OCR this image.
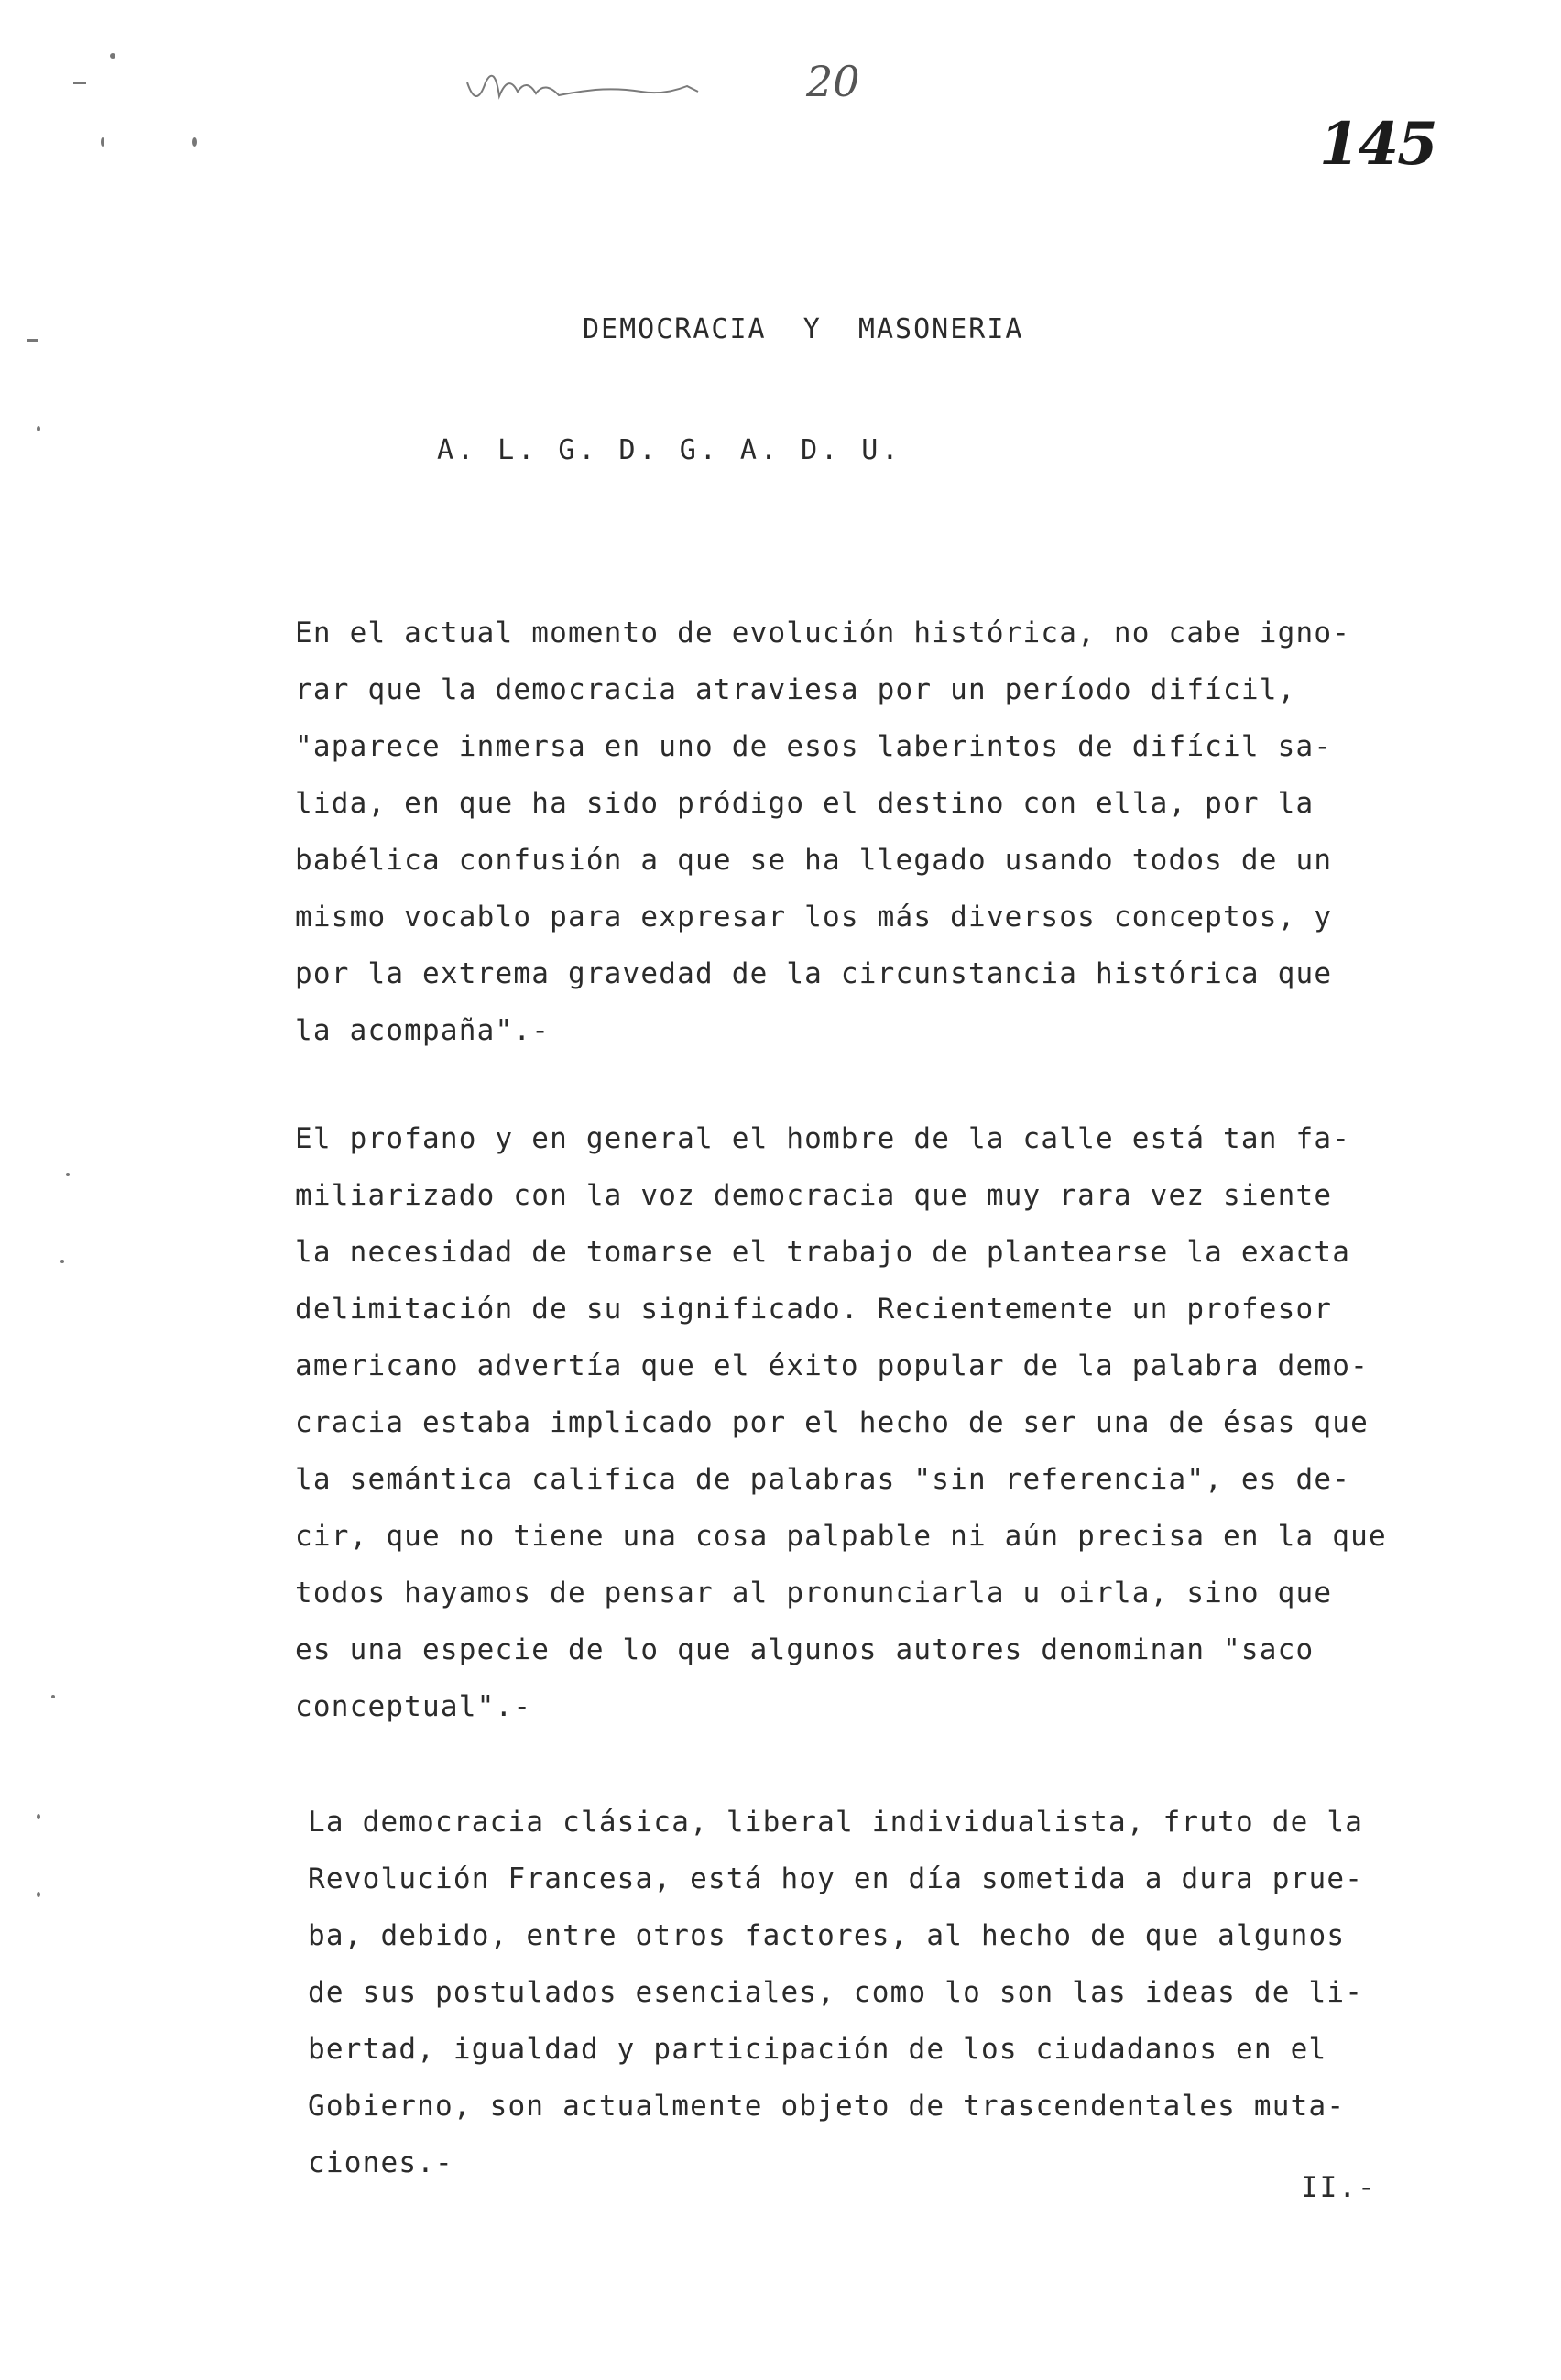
20
145
DEMOCRACIA  Y  MASONERIA
A. L. G. D. G. A. D. U.
En el actual momento de evolución histórica, no cabe igno-
rar que la democracia atraviesa por un período difícil,
"aparece inmersa en uno de esos laberintos de difícil sa-
lida, en que ha sido pródigo el destino con ella, por la
babélica confusión a que se ha llegado usando todos de un
mismo vocablo para expresar los más diversos conceptos, y
por la extrema gravedad de la circunstancia histórica que
la acompaña".-
El profano y en general el hombre de la calle está tan fa-
miliarizado con la voz democracia que muy rara vez siente
la necesidad de tomarse el trabajo de plantearse la exacta
delimitación de su significado. Recientemente un profesor
americano advertía que el éxito popular de la palabra demo-
cracia estaba implicado por el hecho de ser una de ésas que
la semántica califica de palabras "sin referencia", es de-
cir, que no tiene una cosa palpable ni aún precisa en la que
todos hayamos de pensar al pronunciarla u oirla, sino que
es una especie de lo que algunos autores denominan "saco
conceptual".-
La democracia clásica, liberal individualista, fruto de la
Revolución Francesa, está hoy en día sometida a dura prue-
ba, debido, entre otros factores, al hecho de que algunos
de sus postulados esenciales, como lo son las ideas de li-
bertad, igualdad y participación de los ciudadanos en el
Gobierno, son actualmente objeto de trascendentales muta-
ciones.-
II.-
